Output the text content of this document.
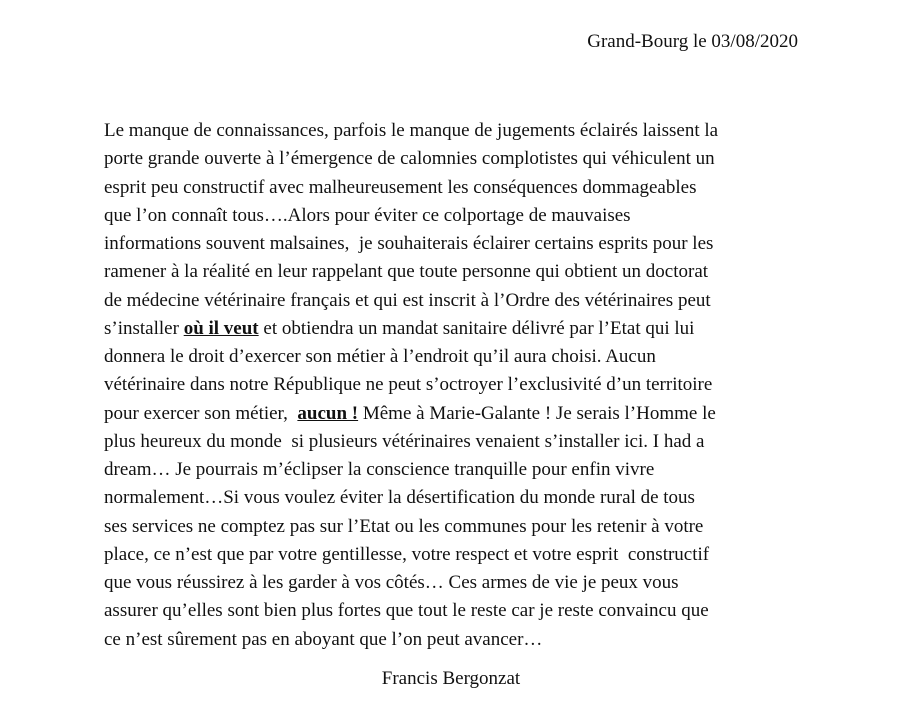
Grand-Bourg le 03/08/2020
Le manque de connaissances, parfois le manque de jugements éclairés laissent la
porte grande ouverte à l’émergence de calomnies complotistes qui véhiculent un
esprit peu constructif avec malheureusement les conséquences dommageables
que l’on connaît tous….Alors pour éviter ce colportage de mauvaises
informations souvent malsaines,  je souhaiterais éclairer certains esprits pour les
ramener à la réalité en leur rappelant que toute personne qui obtient un doctorat
de médecine vétérinaire français et qui est inscrit à l’Ordre des vétérinaires peut
s’installer où il veut et obtiendra un mandat sanitaire délivré par l’Etat qui lui
donnera le droit d’exercer son métier à l’endroit qu’il aura choisi. Aucun
vétérinaire dans notre République ne peut s’octroyer l’exclusivité d’un territoire
pour exercer son métier,  aucun ! Même à Marie-Galante ! Je serais l’Homme le
plus heureux du monde  si plusieurs vétérinaires venaient s’installer ici. I had a
dream… Je pourrais m’éclipser la conscience tranquille pour enfin vivre
normalement…Si vous voulez éviter la désertification du monde rural de tous
ses services ne comptez pas sur l’Etat ou les communes pour les retenir à votre
place, ce n’est que par votre gentillesse, votre respect et votre esprit  constructif
que vous réussirez à les garder à vos côtés… Ces armes de vie je peux vous
assurer qu’elles sont bien plus fortes que tout le reste car je reste convaincu que
ce n’est sûrement pas en aboyant que l’on peut avancer…
Francis Bergonzat
